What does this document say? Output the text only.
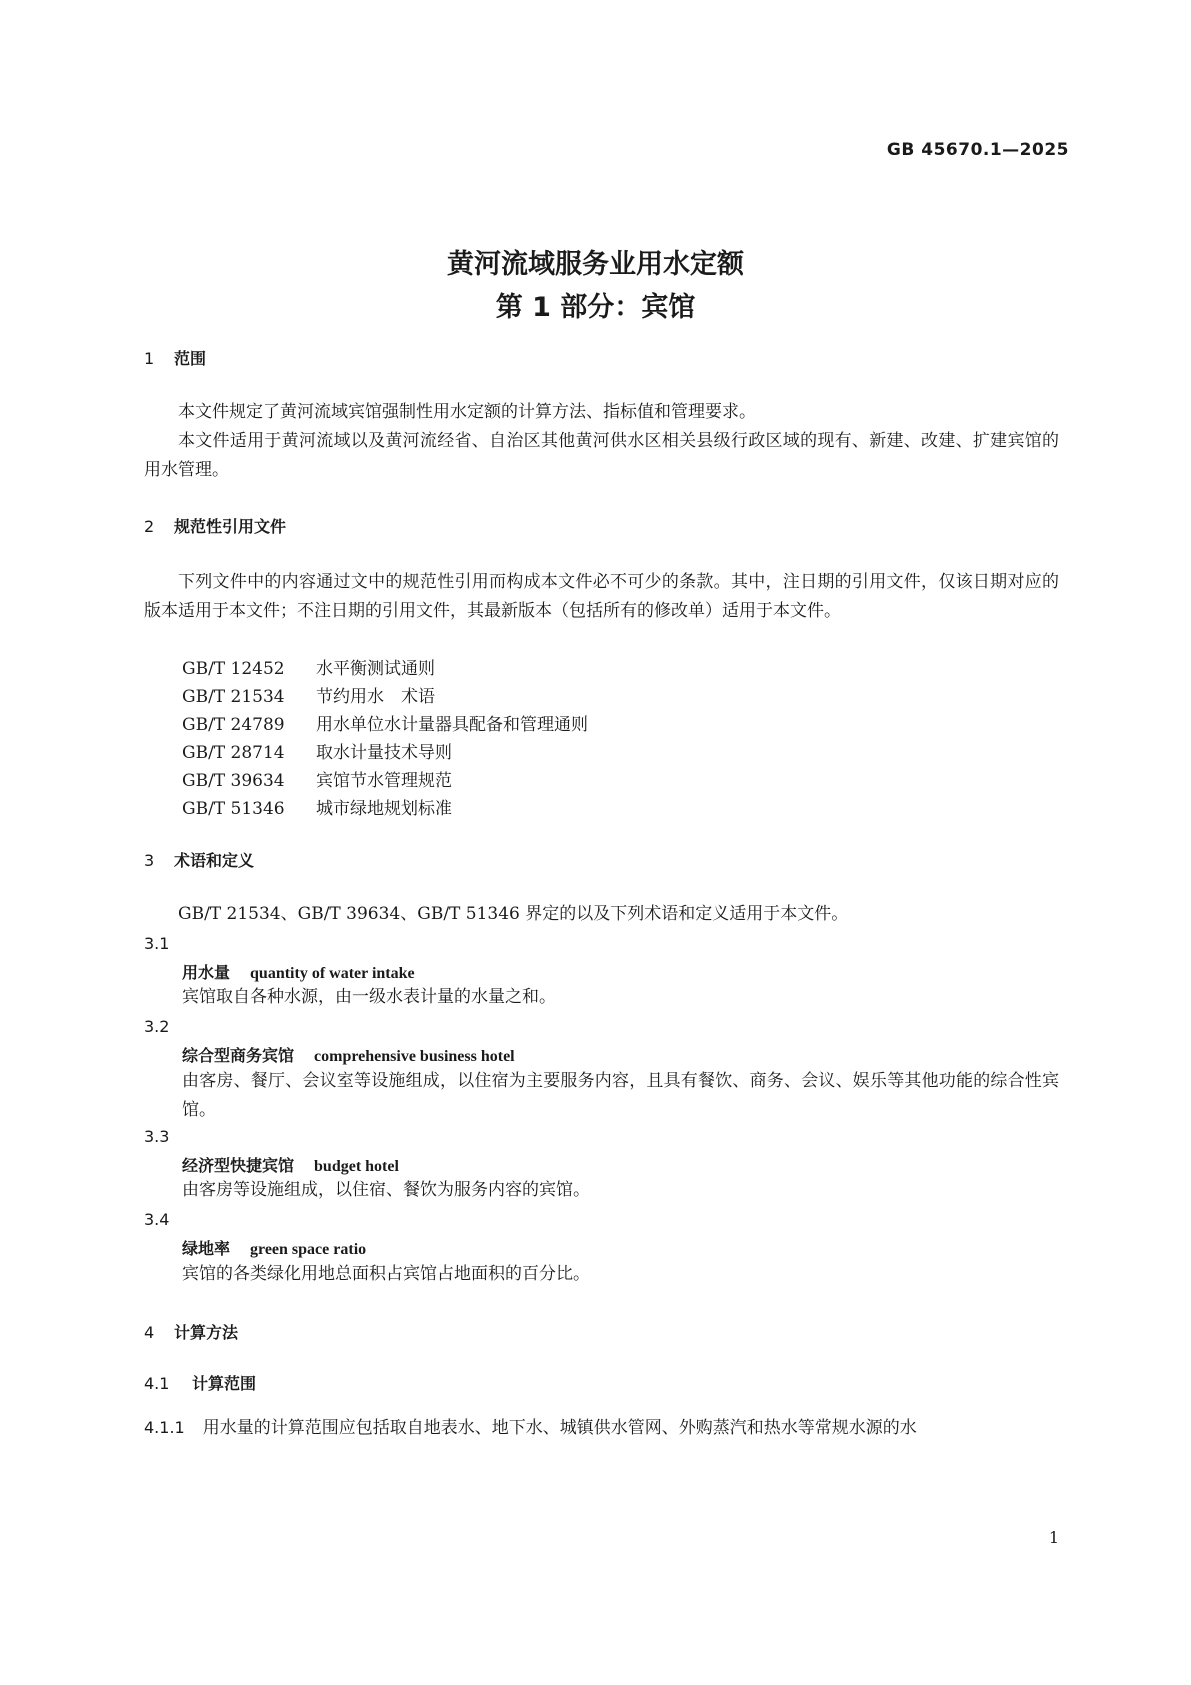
GB 45670.1—2025
黄河流域服务业用水定额
第 1 部分：宾馆
1 范围
本文件规定了黄河流域宾馆强制性用水定额的计算方法、指标值和管理要求。
本文件适用于黄河流域以及黄河流经省、自治区其他黄河供水区相关县级行政区域的现有、新建、改建、扩建宾馆的用水管理。
2 规范性引用文件
下列文件中的内容通过文中的规范性引用而构成本文件必不可少的条款。其中，注日期的引用文件，仅该日期对应的版本适用于本文件；不注日期的引用文件，其最新版本（包括所有的修改单）适用于本文件。
GB/T 12452 水平衡测试通则
GB/T 21534 节约用水　术语
GB/T 24789 用水单位水计量器具配备和管理通则
GB/T 28714 取水计量技术导则
GB/T 39634 宾馆节水管理规范
GB/T 51346 城市绿地规划标准
3 术语和定义
GB/T 21534、GB/T 39634、GB/T 51346 界定的以及下列术语和定义适用于本文件。
3.1
用水量 quantity of water intake
宾馆取自各种水源，由一级水表计量的水量之和。
3.2
综合型商务宾馆 comprehensive business hotel
由客房、餐厅、会议室等设施组成，以住宿为主要服务内容，且具有餐饮、商务、会议、娱乐等其他功能的综合性宾馆。
3.3
经济型快捷宾馆 budget hotel
由客房等设施组成，以住宿、餐饮为服务内容的宾馆。
3.4
绿地率 green space ratio
宾馆的各类绿化用地总面积占宾馆占地面积的百分比。
4 计算方法
4.1 计算范围
4.1.1 用水量的计算范围应包括取自地表水、地下水、城镇供水管网、外购蒸汽和热水等常规水源的水
1
